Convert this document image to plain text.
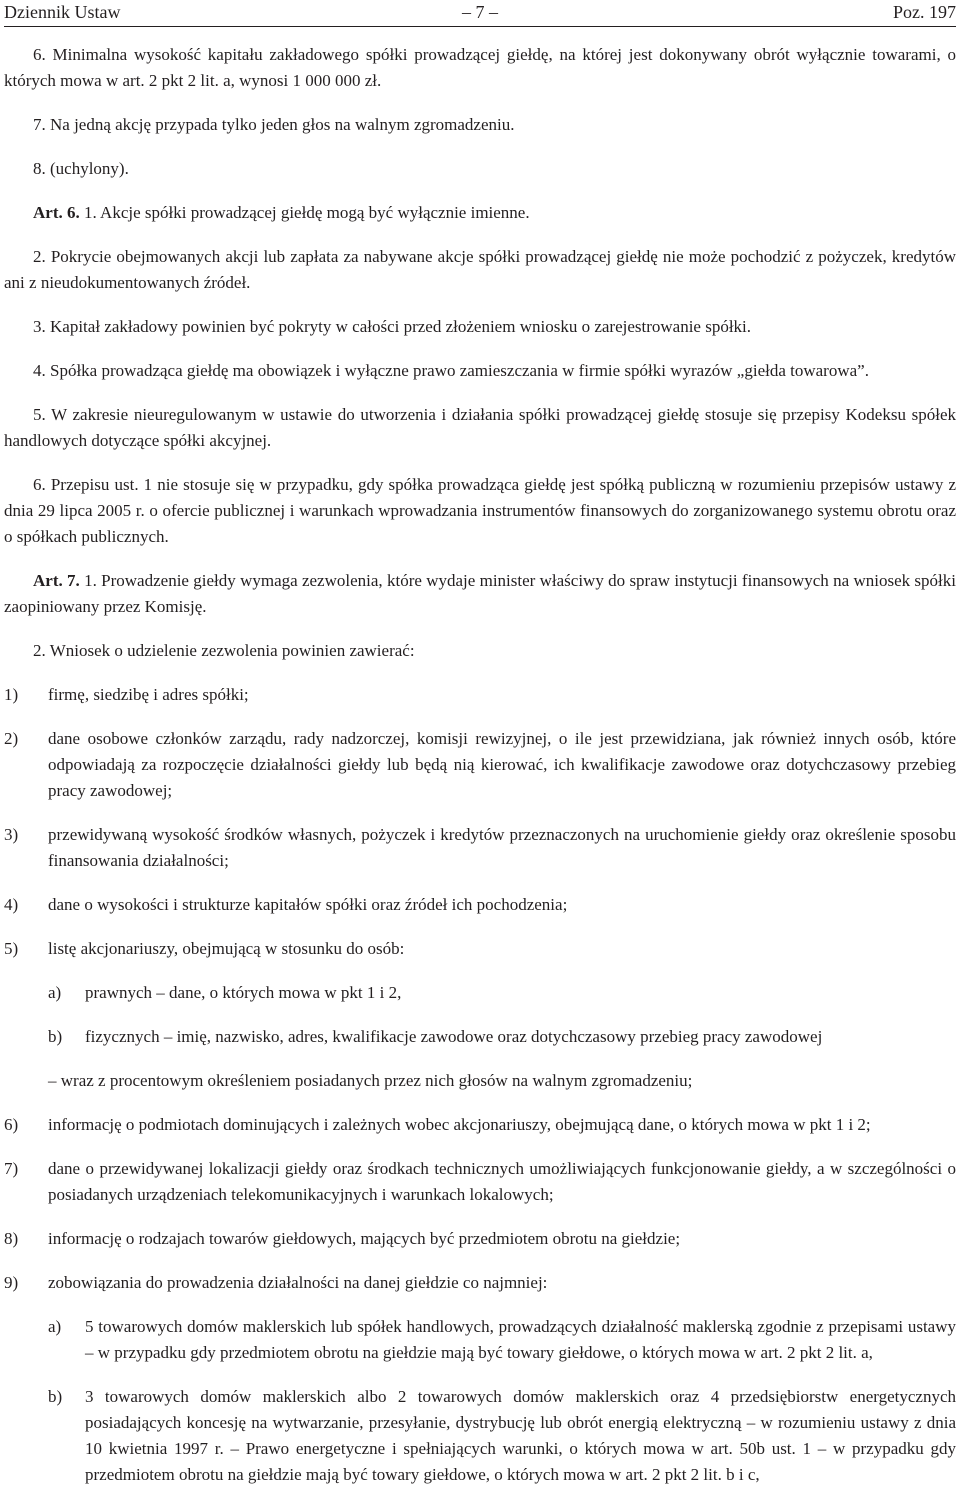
Dziennik Ustaw	– 7 –	Poz. 197

6. Minimalna wysokość kapitału zakładowego spółki prowadzącej giełdę, na której jest dokonywany obrót wyłącznie towarami, o których mowa w art. 2 pkt 2 lit. a, wynosi 1 000 000 zł.

7. Na jedną akcję przypada tylko jeden głos na walnym zgromadzeniu.

8. (uchylony).

Art. 6. 1. Akcje spółki prowadzącej giełdę mogą być wyłącznie imienne.

2. Pokrycie obejmowanych akcji lub zapłata za nabywane akcje spółki prowadzącej giełdę nie może pochodzić z pożyczek, kredytów ani z nieudokumentowanych źródeł.

3. Kapitał zakładowy powinien być pokryty w całości przed złożeniem wniosku o zarejestrowanie spółki.

4. Spółka prowadząca giełdę ma obowiązek i wyłączne prawo zamieszczania w firmie spółki wyrazów „giełda towarowa”.

5. W zakresie nieuregulowanym w ustawie do utworzenia i działania spółki prowadzącej giełdę stosuje się przepisy Kodeksu spółek handlowych dotyczące spółki akcyjnej.

6. Przepisu ust. 1 nie stosuje się w przypadku, gdy spółka prowadząca giełdę jest spółką publiczną w rozumieniu przepisów ustawy z dnia 29 lipca 2005 r. o ofercie publicznej i warunkach wprowadzania instrumentów finansowych do zorganizowanego systemu obrotu oraz o spółkach publicznych.

Art. 7. 1. Prowadzenie giełdy wymaga zezwolenia, które wydaje minister właściwy do spraw instytucji finansowych na wniosek spółki zaopiniowany przez Komisję.

2. Wniosek o udzielenie zezwolenia powinien zawierać:

1) firmę, siedzibę i adres spółki;
2) dane osobowe członków zarządu, rady nadzorczej, komisji rewizyjnej, o ile jest przewidziana, jak również innych osób, które odpowiadają za rozpoczęcie działalności giełdy lub będą nią kierować, ich kwalifikacje zawodowe oraz dotychczasowy przebieg pracy zawodowej;
3) przewidywaną wysokość środków własnych, pożyczek i kredytów przeznaczonych na uruchomienie giełdy oraz określenie sposobu finansowania działalności;
4) dane o wysokości i strukturze kapitałów spółki oraz źródeł ich pochodzenia;
5) listę akcjonariuszy, obejmującą w stosunku do osób:
a) prawnych – dane, o których mowa w pkt 1 i 2,
b) fizycznych – imię, nazwisko, adres, kwalifikacje zawodowe oraz dotychczasowy przebieg pracy zawodowej
– wraz z procentowym określeniem posiadanych przez nich głosów na walnym zgromadzeniu;
6) informację o podmiotach dominujących i zależnych wobec akcjonariuszy, obejmującą dane, o których mowa w pkt 1 i 2;
7) dane o przewidywanej lokalizacji giełdy oraz środkach technicznych umożliwiających funkcjonowanie giełdy, a w szczególności o posiadanych urządzeniach telekomunikacyjnych i warunkach lokalowych;
8) informację o rodzajach towarów giełdowych, mających być przedmiotem obrotu na giełdzie;
9) zobowiązania do prowadzenia działalności na danej giełdzie co najmniej:
a) 5 towarowych domów maklerskich lub spółek handlowych, prowadzących działalność maklerską zgodnie z przepisami ustawy – w przypadku gdy przedmiotem obrotu na giełdzie mają być towary giełdowe, o których mowa w art. 2 pkt 2 lit. a,
b) 3 towarowych domów maklerskich albo 2 towarowych domów maklerskich oraz 4 przedsiębiorstw energetycznych posiadających koncesję na wytwarzanie, przesyłanie, dystrybucję lub obrót energią elektryczną – w rozumieniu ustawy z dnia 10 kwietnia 1997 r. – Prawo energetyczne i spełniających warunki, o których mowa w art. 50b ust. 1 – w przypadku gdy przedmiotem obrotu na giełdzie mają być towary giełdowe, o których mowa w art. 2 pkt 2 lit. b i c,
